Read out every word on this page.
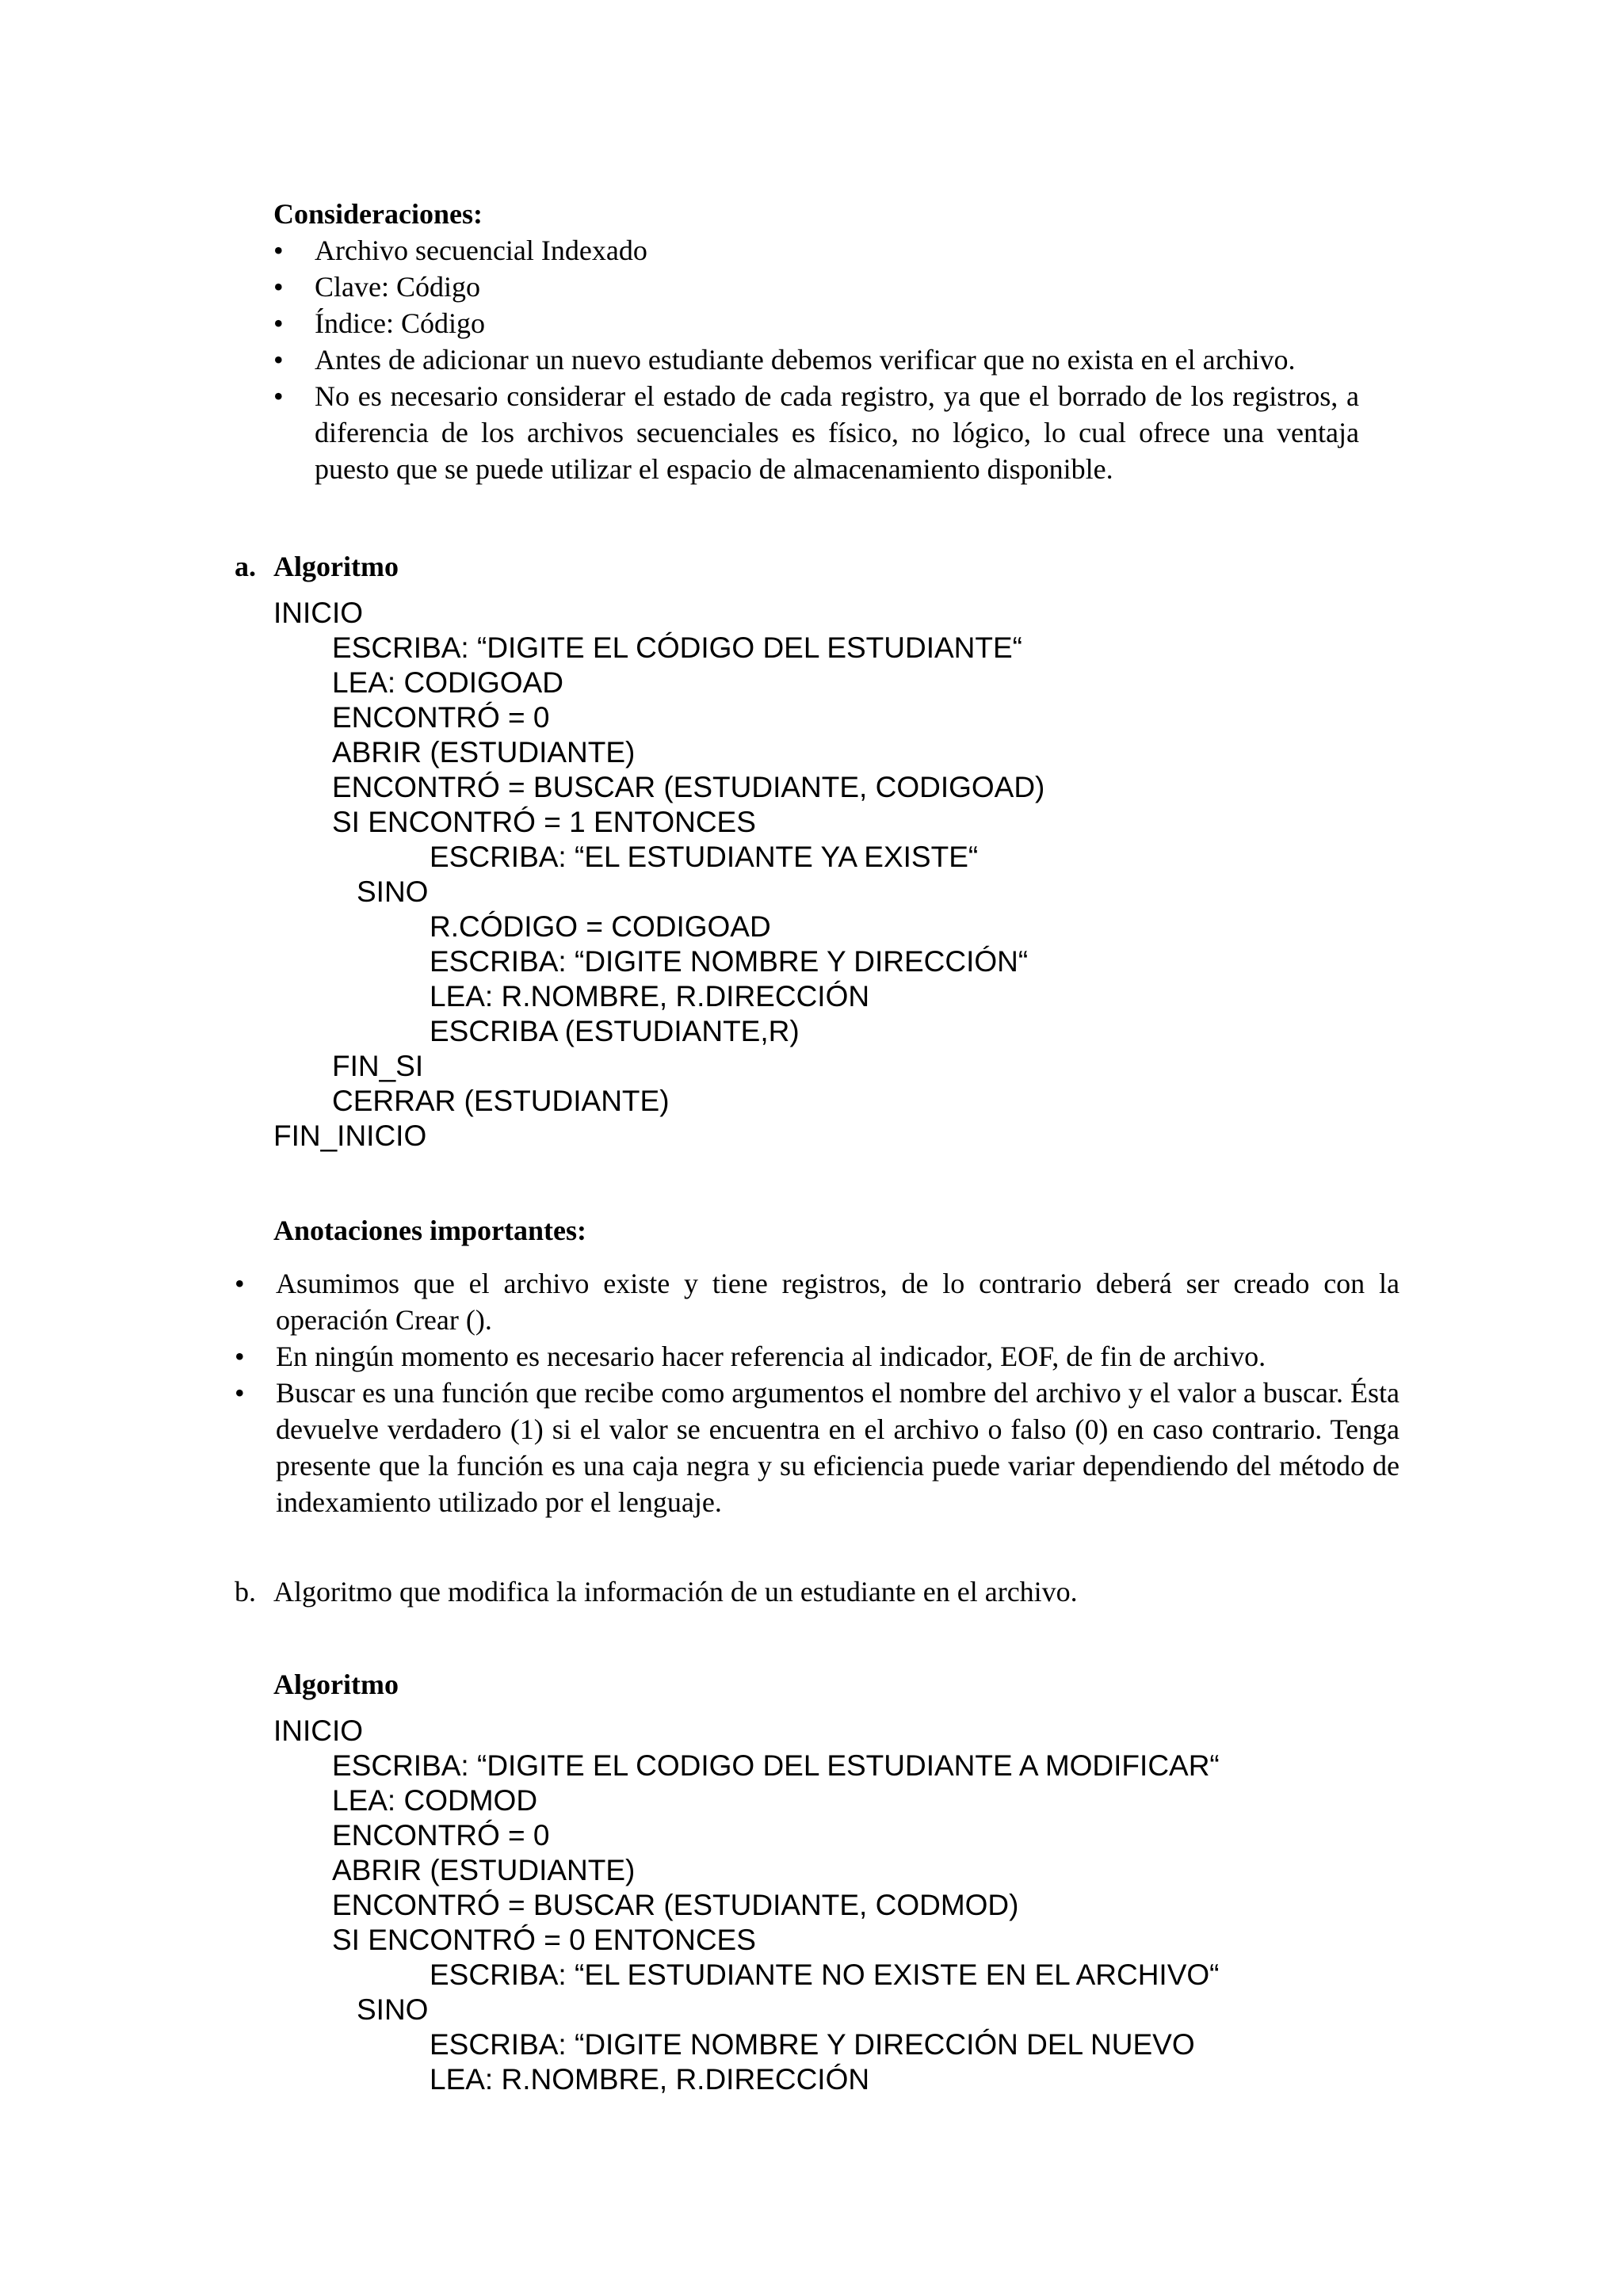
Consideraciones:
• Archivo secuencial Indexado
• Clave: Código
• Índice: Código
• Antes de adicionar un nuevo estudiante debemos verificar que no exista en el archivo.
• No es necesario considerar el estado de cada registro, ya que el borrado de los registros, a diferencia de los archivos secuenciales es físico, no lógico, lo cual ofrece una ventaja puesto que se puede utilizar el espacio de almacenamiento disponible.
a. Algoritmo
INICIO
ESCRIBA: “DIGITE EL CÓDIGO DEL ESTUDIANTE“
LEA: CODIGOAD
ENCONTRÓ = 0
ABRIR (ESTUDIANTE)
ENCONTRÓ = BUSCAR (ESTUDIANTE, CODIGOAD)
SI ENCONTRÓ = 1 ENTONCES
ESCRIBA: “EL ESTUDIANTE YA EXISTE“
SINO
R.CÓDIGO = CODIGOAD
ESCRIBA: “DIGITE NOMBRE Y DIRECCIÓN“
LEA: R.NOMBRE, R.DIRECCIÓN
ESCRIBA (ESTUDIANTE,R)
FIN_SI
CERRAR (ESTUDIANTE)
FIN_INICIO
Anotaciones importantes:
• Asumimos que el archivo existe y tiene registros, de lo contrario deberá ser creado con la operación Crear ().
• En ningún momento es necesario hacer referencia al indicador, EOF, de fin de archivo.
• Buscar es una función que recibe como argumentos el nombre del archivo y el valor a buscar. Ésta devuelve verdadero (1) si el valor se encuentra en el archivo o falso (0) en caso contrario. Tenga presente que la función es una caja negra y su eficiencia puede variar dependiendo del método de indexamiento utilizado por el lenguaje.
b. Algoritmo que modifica la información de un estudiante en el archivo.
Algoritmo
INICIO
ESCRIBA: “DIGITE EL CODIGO DEL ESTUDIANTE A MODIFICAR“
LEA: CODMOD
ENCONTRÓ = 0
ABRIR (ESTUDIANTE)
ENCONTRÓ = BUSCAR (ESTUDIANTE, CODMOD)
SI ENCONTRÓ = 0 ENTONCES
ESCRIBA: “EL ESTUDIANTE NO EXISTE EN EL ARCHIVO“
SINO
ESCRIBA: “DIGITE NOMBRE Y DIRECCIÓN DEL NUEVO
LEA: R.NOMBRE, R.DIRECCIÓN
